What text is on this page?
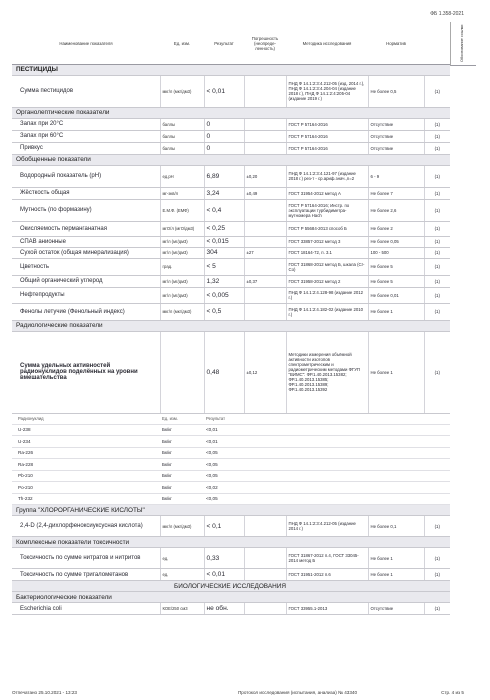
ФБ 1.358-2021
Наименование показателя	Ед. изм.	Результат	Погрешность (неопреде-ленность)	Методика исследования	Норматив	
ПЕСТИЦИДЫ						
Сумма пестицидов	мкг/л (мкг/дм3)	< 0,01		ПНД Ф 14.1:2:3:4.212-05 (изд. 2014 г.), ПНД Ф 14.1:2:3:4.204-04 (издание 2018 г.), ПНД Ф 14.1:2:4:205-04 (издание 2019 г.)	Не более 0,5	(1)
Органолептические показатели						
Запах при 20°С	баллы	0		ГОСТ Р 57164-2016	Отсутствие	(1)
Запах при 60°С	баллы	0		ГОСТ Р 57164-2016	Отсутствие	(1)
Привкус	баллы	0		ГОСТ Р 57164-2016	Отсутствие	(1)
Обобщенные показатели						
Водородный показатель (pH)	ед.pH	6,89	±0,20	ПНД Ф 14.1:2:3:4.121-97 (издание 2018 г.) рез-т - ср.ариф.знач.,n=2	6 - 9	(1)
Жёсткость общая	мг-экв/л	3,24	±0,49	ГОСТ 31954-2012 метод А	Не более 7	(1)
Мутность (по формазину)	Е.М.Ф. (ЕМФ)	< 0,4		ГОСТ Р 57164-2016; Инстр. по эксплуатации турбидиметра-мутномера Hach	Не более 2,6	(1)
Окисляемость перманганатная	мгО/л (мгО/дм3)	< 0,25		ГОСТ Р 55684-2013 способ Б	Не более 2	(1)
СПАВ анионные	мг/л (мг/дм3)	< 0,015		ГОСТ 33857-2012 метод 3	Не более 0,05	(1)
Сухой остаток (общая минерализация)	мг/л (мг/дм3)	304	±27	ГОСТ 18164-72, п. 3.1	100 - 500	(1)
Цветность	град.	< 5		ГОСТ 31868-2012 метод Б, шкала (Cr-Co)	Не более 5	(1)
Общий органический углерод	мг/л (мг/дм3)	1,32	±0,37	ГОСТ 31958-2012 метод 2	Не более 5	(1)
Нефтепродукты	мг/л (мг/дм3)	< 0,005		ПНД Ф 14.1:2:4.128-98 (издание 2012 г.)	Не более 0,01	(1)
Фенолы летучие (Фенольный индекс)	мкг/л (мкг/дм3)	< 0,5		ПНД Ф 14.1:2:4.182-02 (издание 2010 г.)	Не более 1	(1)
Радиологические показатели						
Сумма удельных активностей радионуклидов поделённых на уровни вмешательства		0,48	±0,12	Методики измерения объёмной активности изотопов спектрометрическим и радиометрическим методами ФГУП "ВИМС": ФР.1.40.2013.15382; ФР.1.40.2013.15385; ФР.1.40.2013.15389; ФР.1.40.2013.15392	Не более 1	(1)
Радионуклид	Ед. изм.	Результат				
U-238	Бк/кг	<0,01				
U-234	Бк/кг	<0,01				
Ra-226	Бк/кг	<0,05				
Ra-228	Бк/кг	<0,05				
Pb-210	Бк/кг	<0,05				
Po-210	Бк/кг	<0,02				
Th-232	Бк/кг	<0,05				
Группа "ХЛОРОРГАНИЧЕСКИЕ КИСЛОТЫ"						
2,4-D (2,4-дихлорфеноксиуксусная кислота)	мкг/л (мкг/дм3)	< 0,1		ПНД Ф 14.1:2:3:4.212-05 (издание 2014 г.)	Не более 0,1	(1)
Комплексные показатели токсичности						
Токсичность по сумме нитратов и нитритов	ед.	0,33		ГОСТ 31867-2012 п.4, ГОСТ 33045-2014 метод Б	Не более 1	(1)
Токсичность по сумме тригалометанов	ед.	< 0,01		ГОСТ 31951-2012 п.6	Не более 1	(1)
БИОЛОГИЧЕСКИЕ ИССЛЕДОВАНИЯ						
Бактериологические показатели						
Escherichia coli	КОЕ/250 см3	не обн.		ГОСТ 33955.1-2013	Отсутствие	(1)
Обоснование ссылки
Отпечатано 25.10.2021 - 13:23	Протокол исследования (испытания, анализа) № 43340	Стр. 4 из 5
